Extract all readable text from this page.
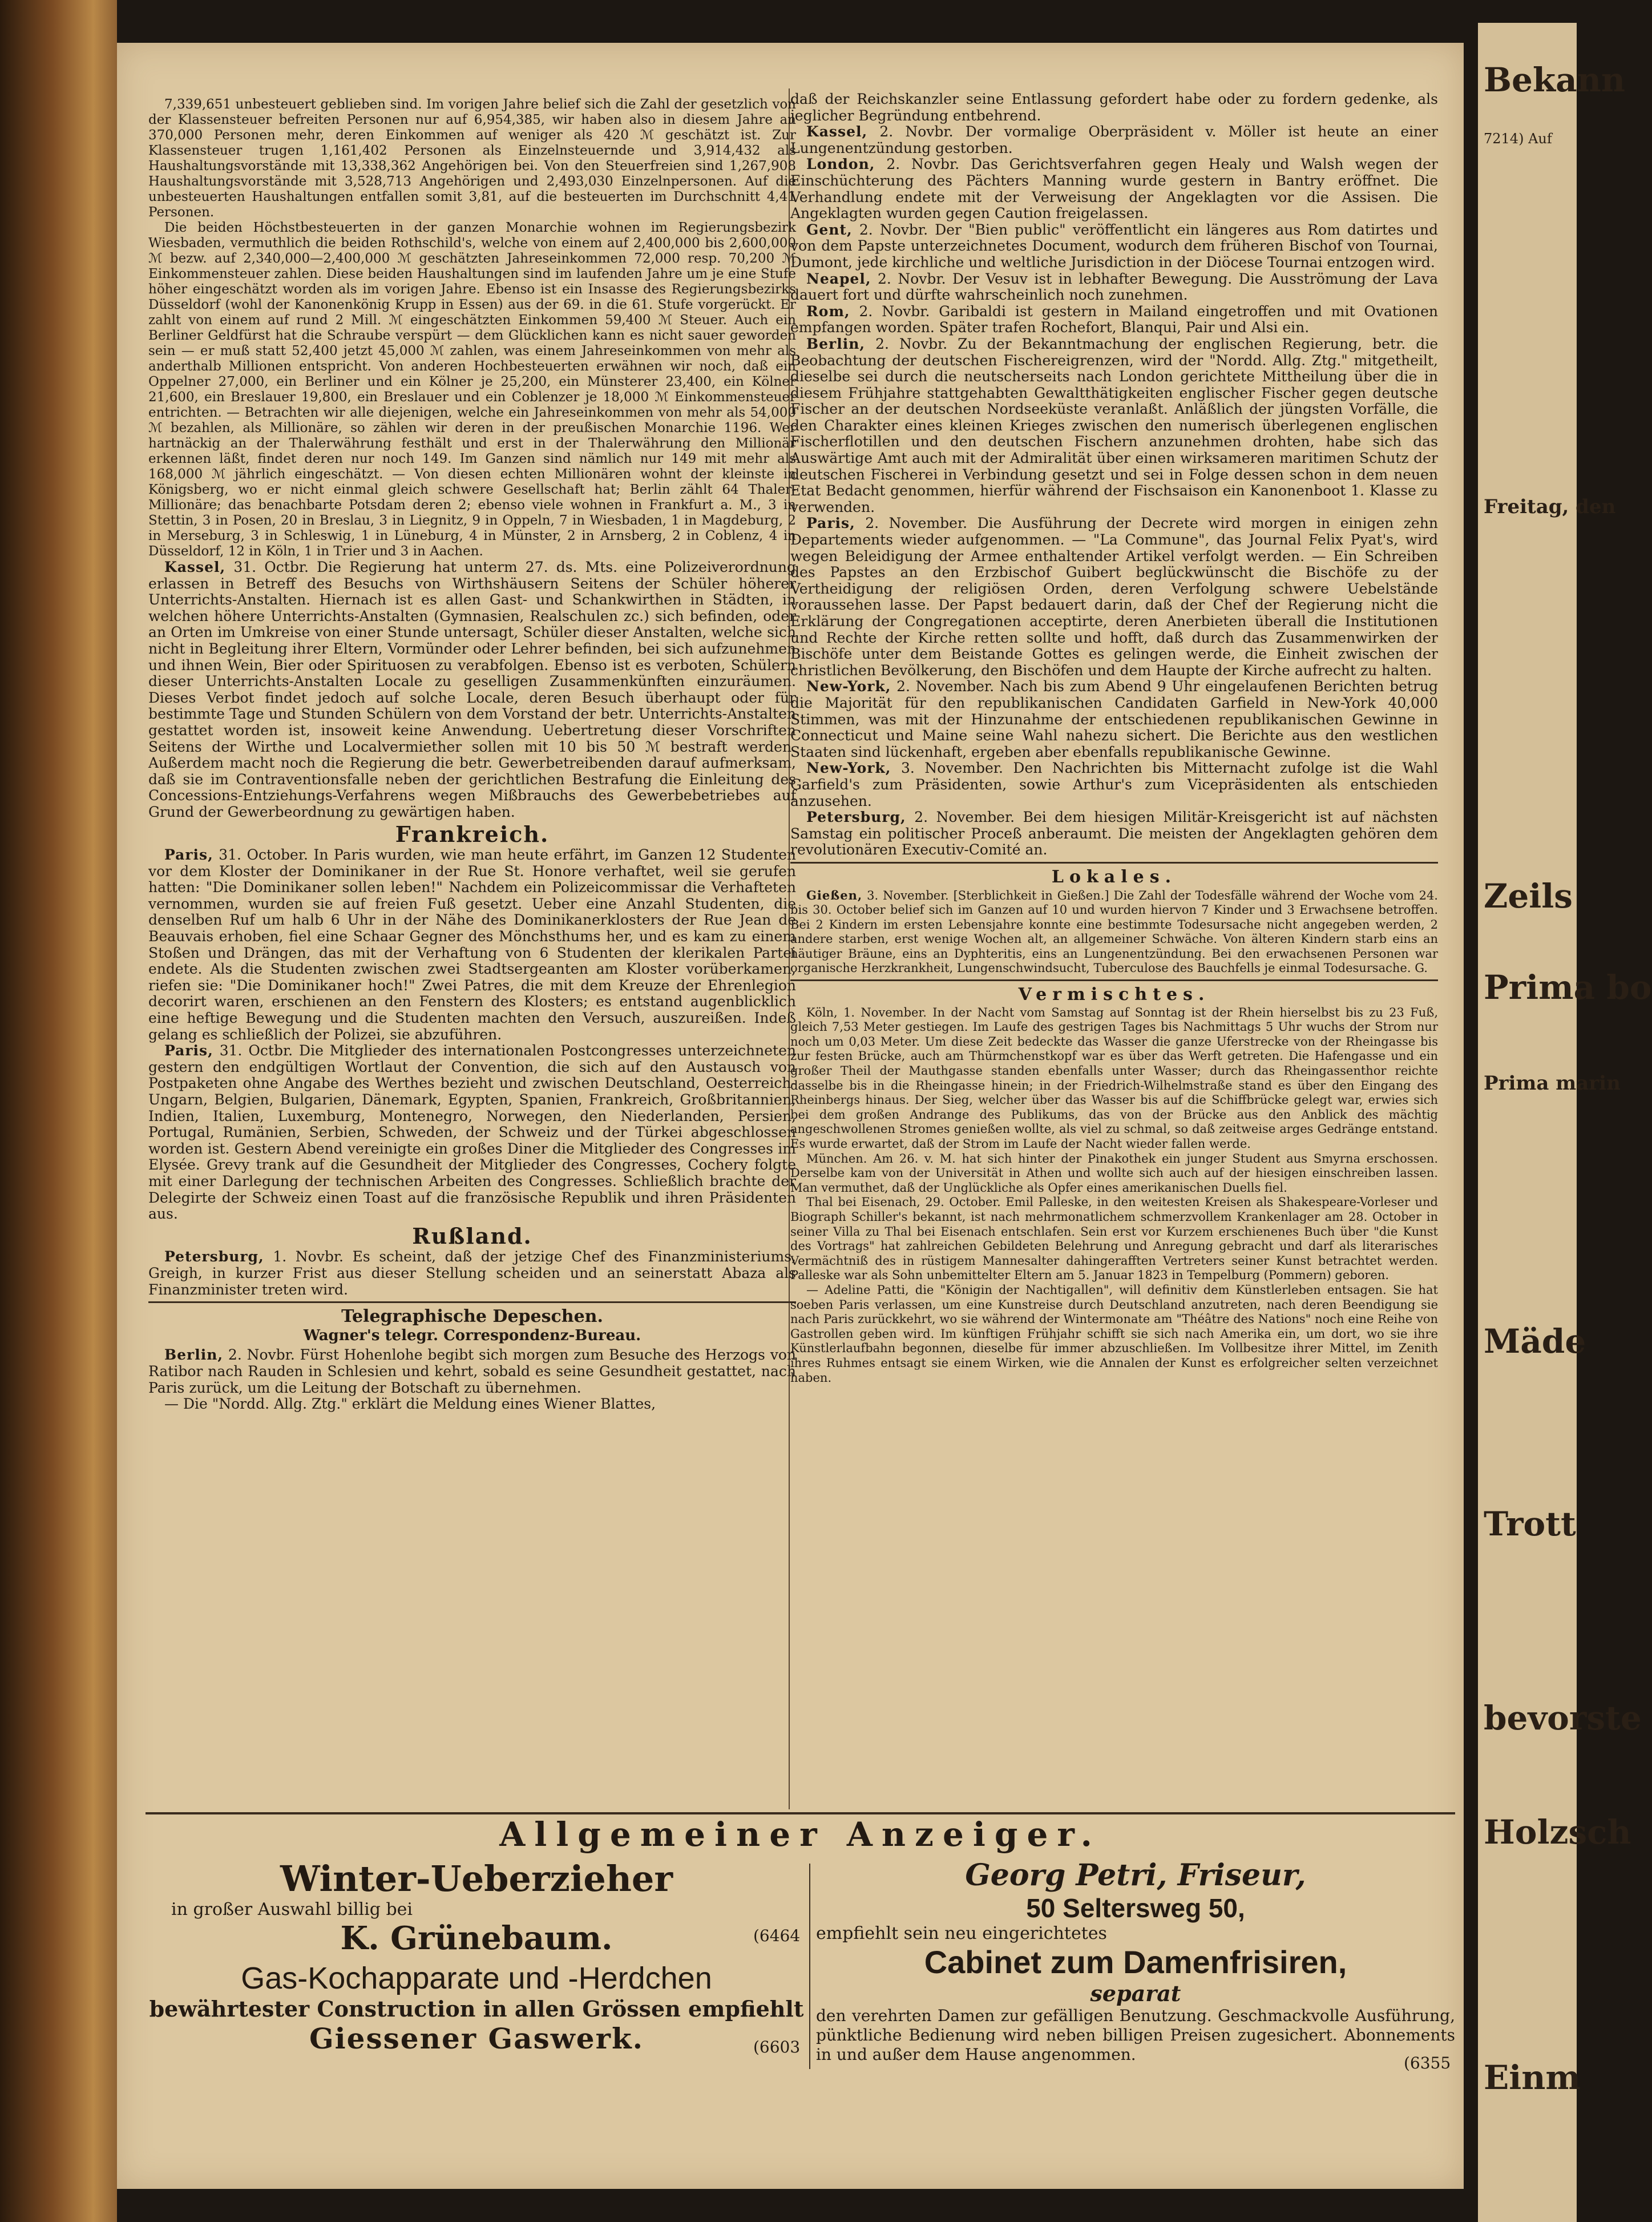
Bekann
7214) Auf
Freitag, den
Zeils
Prima bo
Prima marin
Mäde
Trott
bevorste
Holzsch
Einm

7,339,651 unbesteuert geblieben sind. Im vorigen Jahre belief sich die Zahl der gesetzlich von der Klassensteuer befreiten Personen nur auf 6,954,385, wir haben also in diesem Jahre an 370,000 Personen mehr, deren Einkommen auf weniger als 420 ℳ geschätzt ist. Zur Klassensteuer trugen 1,161,402 Personen als Einzelnsteuernde und 3,914,432 als Haushaltungsvorstände mit 13,338,362 Angehörigen bei. Von den Steuerfreien sind 1,267,908 Haushaltungsvorstände mit 3,528,713 Angehörigen und 2,493,030 Einzelnpersonen. Auf die unbesteuerten Haushaltungen entfallen somit 3,81, auf die besteuerten im Durchschnitt 4,41 Personen.

Die beiden Höchstbesteuerten in der ganzen Monarchie wohnen im Regierungsbezirk Wiesbaden, vermuthlich die beiden Rothschild's, welche von einem auf 2,400,000 bis 2,600,000 ℳ bezw. auf 2,340,000—2,400,000 ℳ geschätzten Jahreseinkommen 72,000 resp. 70,200 ℳ Einkommensteuer zahlen. Diese beiden Haushaltungen sind im laufenden Jahre um je eine Stufe höher eingeschätzt worden als im vorigen Jahre. Ebenso ist ein Insasse des Regierungsbezirks Düsseldorf (wohl der Kanonenkönig Krupp in Essen) aus der 69. in die 61. Stufe vorgerückt. Er zahlt von einem auf rund 2 Mill. ℳ eingeschätzten Einkommen 59,400 ℳ Steuer. Auch ein Berliner Geldfürst hat die Schraube verspürt — dem Glücklichen kann es nicht sauer geworden sein — er muß statt 52,400 jetzt 45,000 ℳ zahlen, was einem Jahreseinkommen von mehr als anderthalb Millionen entspricht. Von anderen Hochbesteuerten erwähnen wir noch, daß ein Oppelner 27,000, ein Berliner und ein Kölner je 25,200, ein Münsterer 23,400, ein Kölner 21,600, ein Breslauer 19,800, ein Breslauer und ein Coblenzer je 18,000 ℳ Einkommensteuer entrichten. — Betrachten wir alle diejenigen, welche ein Jahreseinkommen von mehr als 54,000 ℳ bezahlen, als Millionäre, so zählen wir deren in der preußischen Monarchie 1196. Wer hartnäckig an der Thalerwährung festhält und erst in der Thalerwährung den Millionär erkennen läßt, findet deren nur noch 149. Im Ganzen sind nämlich nur 149 mit mehr als 168,000 ℳ jährlich eingeschätzt. — Von diesen echten Millionären wohnt der kleinste in Königsberg, wo er nicht einmal gleich schwere Gesellschaft hat; Berlin zählt 64 Thaler-Millionäre; das benachbarte Potsdam deren 2; ebenso viele wohnen in Frankfurt a. M., 3 in Stettin, 3 in Posen, 20 in Breslau, 3 in Liegnitz, 9 in Oppeln, 7 in Wiesbaden, 1 in Magdeburg, 2 in Merseburg, 3 in Schleswig, 1 in Lüneburg, 4 in Münster, 2 in Arnsberg, 2 in Coblenz, 4 in Düsseldorf, 12 in Köln, 1 in Trier und 3 in Aachen.

Kassel, 31. Octbr. Die Regierung hat unterm 27. ds. Mts. eine Polizeiverordnung erlassen in Betreff des Besuchs von Wirthshäusern Seitens der Schüler höherer Unterrichts-Anstalten. Hiernach ist es allen Gast- und Schankwirthen in Städten, in welchen höhere Unterrichts-Anstalten (Gymnasien, Realschulen zc.) sich befinden, oder an Orten im Umkreise von einer Stunde untersagt, Schüler dieser Anstalten, welche sich nicht in Begleitung ihrer Eltern, Vormünder oder Lehrer befinden, bei sich aufzunehmen und ihnen Wein, Bier oder Spirituosen zu verabfolgen. Ebenso ist es verboten, Schülern dieser Unterrichts-Anstalten Locale zu geselligen Zusammenkünften einzuräumen. Dieses Verbot findet jedoch auf solche Locale, deren Besuch überhaupt oder für bestimmte Tage und Stunden Schülern von dem Vorstand der betr. Unterrichts-Anstalten gestattet worden ist, insoweit keine Anwendung. Uebertretung dieser Vorschriften Seitens der Wirthe und Localvermiether sollen mit 10 bis 50 ℳ bestraft werden. Außerdem macht noch die Regierung die betr. Gewerbetreibenden darauf aufmerksam, daß sie im Contraventionsfalle neben der gerichtlichen Bestrafung die Einleitung des Concessions-Entziehungs-Verfahrens wegen Mißbrauchs des Gewerbebetriebes auf Grund der Gewerbeordnung zu gewärtigen haben.

Frankreich.

Paris, 31. October. In Paris wurden, wie man heute erfährt, im Ganzen 12 Studenten vor dem Kloster der Dominikaner in der Rue St. Honore verhaftet, weil sie gerufen hatten: "Die Dominikaner sollen leben!" Nachdem ein Polizeicommissar die Verhafteten vernommen, wurden sie auf freien Fuß gesetzt. Ueber eine Anzahl Studenten, die denselben Ruf um halb 6 Uhr in der Nähe des Dominikanerklosters der Rue Jean de Beauvais erhoben, fiel eine Schaar Gegner des Mönchsthums her, und es kam zu einem Stoßen und Drängen, das mit der Verhaftung von 6 Studenten der klerikalen Partei endete. Als die Studenten zwischen zwei Stadtsergeanten am Kloster vorüberkamen, riefen sie: "Die Dominikaner hoch!" Zwei Patres, die mit dem Kreuze der Ehrenlegion decorirt waren, erschienen an den Fenstern des Klosters; es entstand augenblicklich eine heftige Bewegung und die Studenten machten den Versuch, auszureißen. Indeß gelang es schließlich der Polizei, sie abzuführen.

Paris, 31. Octbr. Die Mitglieder des internationalen Postcongresses unterzeichneten gestern den endgültigen Wortlaut der Convention, die sich auf den Austausch von Postpaketen ohne Angabe des Werthes bezieht und zwischen Deutschland, Oesterreich-Ungarn, Belgien, Bulgarien, Dänemark, Egypten, Spanien, Frankreich, Großbritannien, Indien, Italien, Luxemburg, Montenegro, Norwegen, den Niederlanden, Persien, Portugal, Rumänien, Serbien, Schweden, der Schweiz und der Türkei abgeschlossen worden ist. Gestern Abend vereinigte ein großes Diner die Mitglieder des Congresses im Elysée. Grevy trank auf die Gesundheit der Mitglieder des Congresses, Cochery folgte mit einer Darlegung der technischen Arbeiten des Congresses. Schließlich brachte der Delegirte der Schweiz einen Toast auf die französische Republik und ihren Präsidenten aus.

Rußland.

Petersburg, 1. Novbr. Es scheint, daß der jetzige Chef des Finanzministeriums, Greigh, in kurzer Frist aus dieser Stellung scheiden und an seinerstatt Abaza als Finanzminister treten wird.

Telegraphische Depeschen.
Wagner's telegr. Correspondenz-Bureau.

Berlin, 2. Novbr. Fürst Hohenlohe begibt sich morgen zum Besuche des Herzogs von Ratibor nach Rauden in Schlesien und kehrt, sobald es seine Gesundheit gestattet, nach Paris zurück, um die Leitung der Botschaft zu übernehmen.

— Die "Nordd. Allg. Ztg." erklärt die Meldung eines Wiener Blattes,

daß der Reichskanzler seine Entlassung gefordert habe oder zu fordern gedenke, als jeglicher Begründung entbehrend.

Kassel, 2. Novbr. Der vormalige Oberpräsident v. Möller ist heute an einer Lungenentzündung gestorben.

London, 2. Novbr. Das Gerichtsverfahren gegen Healy und Walsh wegen der Einschüchterung des Pächters Manning wurde gestern in Bantry eröffnet. Die Verhandlung endete mit der Verweisung der Angeklagten vor die Assisen. Die Angeklagten wurden gegen Caution freigelassen.

Gent, 2. Novbr. Der "Bien public" veröffentlicht ein längeres aus Rom datirtes und von dem Papste unterzeichnetes Document, wodurch dem früheren Bischof von Tournai, Dumont, jede kirchliche und weltliche Jurisdiction in der Diöcese Tournai entzogen wird.

Neapel, 2. Novbr. Der Vesuv ist in lebhafter Bewegung. Die Ausströmung der Lava dauert fort und dürfte wahrscheinlich noch zunehmen.

Rom, 2. Novbr. Garibaldi ist gestern in Mailand eingetroffen und mit Ovationen empfangen worden. Später trafen Rochefort, Blanqui, Pair und Alsi ein.

Berlin, 2. Novbr. Zu der Bekanntmachung der englischen Regierung, betr. die Beobachtung der deutschen Fischereigrenzen, wird der "Nordd. Allg. Ztg." mitgetheilt, dieselbe sei durch die neutscherseits nach London gerichtete Mittheilung über die in diesem Frühjahre stattgehabten Gewaltthätigkeiten englischer Fischer gegen deutsche Fischer an der deutschen Nordseeküste veranlaßt. Anläßlich der jüngsten Vorfälle, die den Charakter eines kleinen Krieges zwischen den numerisch überlegenen englischen Fischerflotillen und den deutschen Fischern anzunehmen drohten, habe sich das Auswärtige Amt auch mit der Admiralität über einen wirksameren maritimen Schutz der deutschen Fischerei in Verbindung gesetzt und sei in Folge dessen schon in dem neuen Etat Bedacht genommen, hierfür während der Fischsaison ein Kanonenboot 1. Klasse zu verwenden.

Paris, 2. November. Die Ausführung der Decrete wird morgen in einigen zehn Departements wieder aufgenommen. — "La Commune", das Journal Felix Pyat's, wird wegen Beleidigung der Armee enthaltender Artikel verfolgt werden. — Ein Schreiben des Papstes an den Erzbischof Guibert beglückwünscht die Bischöfe zu der Vertheidigung der religiösen Orden, deren Verfolgung schwere Uebelstände voraussehen lasse. Der Papst bedauert darin, daß der Chef der Regierung nicht die Erklärung der Congregationen acceptirte, deren Anerbieten überall die Institutionen und Rechte der Kirche retten sollte und hofft, daß durch das Zusammenwirken der Bischöfe unter dem Beistande Gottes es gelingen werde, die Einheit zwischen der christlichen Bevölkerung, den Bischöfen und dem Haupte der Kirche aufrecht zu halten.

New-York, 2. November. Nach bis zum Abend 9 Uhr eingelaufenen Berichten betrug die Majorität für den republikanischen Candidaten Garfield in New-York 40,000 Stimmen, was mit der Hinzunahme der entschiedenen republikanischen Gewinne in Connecticut und Maine seine Wahl nahezu sichert. Die Berichte aus den westlichen Staaten sind lückenhaft, ergeben aber ebenfalls republikanische Gewinne.

New-York, 3. November. Den Nachrichten bis Mitternacht zufolge ist die Wahl Garfield's zum Präsidenten, sowie Arthur's zum Vicepräsidenten als entschieden anzusehen.

Petersburg, 2. November. Bei dem hiesigen Militär-Kreisgericht ist auf nächsten Samstag ein politischer Proceß anberaumt. Die meisten der Angeklagten gehören dem revolutionären Executiv-Comité an.

Lokales.

Gießen, 3. November. [Sterblichkeit in Gießen.] Die Zahl der Todesfälle während der Woche vom 24. bis 30. October belief sich im Ganzen auf 10 und wurden hiervon 7 Kinder und 3 Erwachsene betroffen. Bei 2 Kindern im ersten Lebensjahre konnte eine bestimmte Todesursache nicht angegeben werden, 2 andere starben, erst wenige Wochen alt, an allgemeiner Schwäche. Von älteren Kindern starb eins an häutiger Bräune, eins an Dyphteritis, eins an Lungenentzündung. Bei den erwachsenen Personen war organische Herzkrankheit, Lungenschwindsucht, Tuberculose des Bauchfells je einmal Todesursache. G.

Vermischtes.

Köln, 1. November. In der Nacht vom Samstag auf Sonntag ist der Rhein hierselbst bis zu 23 Fuß, gleich 7,53 Meter gestiegen. Im Laufe des gestrigen Tages bis Nachmittags 5 Uhr wuchs der Strom nur noch um 0,03 Meter. Um diese Zeit bedeckte das Wasser die ganze Uferstrecke von der Rheingasse bis zur festen Brücke, auch am Thürmchenstkopf war es über das Werft getreten. Die Hafengasse und ein großer Theil der Mauthgasse standen ebenfalls unter Wasser; durch das Rheingassenthor reichte dasselbe bis in die Rheingasse hinein; in der Friedrich-Wilhelmstraße stand es über den Eingang des Rheinbergs hinaus. Der Sieg, welcher über das Wasser bis auf die Schiffbrücke gelegt war, erwies sich bei dem großen Andrange des Publikums, das von der Brücke aus den Anblick des mächtig angeschwollenen Stromes genießen wollte, als viel zu schmal, so daß zeitweise arges Gedränge entstand. Es wurde erwartet, daß der Strom im Laufe der Nacht wieder fallen werde.

München. Am 26. v. M. hat sich hinter der Pinakothek ein junger Student aus Smyrna erschossen. Derselbe kam von der Universität in Athen und wollte sich auch auf der hiesigen einschreiben lassen. Man vermuthet, daß der Unglückliche als Opfer eines amerikanischen Duells fiel.

Thal bei Eisenach, 29. October. Emil Palleske, in den weitesten Kreisen als Shakespeare-Vorleser und Biograph Schiller's bekannt, ist nach mehrmonatlichem schmerzvollem Krankenlager am 28. October in seiner Villa zu Thal bei Eisenach entschlafen. Sein erst vor Kurzem erschienenes Buch über "die Kunst des Vortrags" hat zahlreichen Gebildeten Belehrung und Anregung gebracht und darf als literarisches Vermächtniß des in rüstigem Mannesalter dahingerafften Vertreters seiner Kunst betrachtet werden. Palleske war als Sohn unbemittelter Eltern am 5. Januar 1823 in Tempelburg (Pommern) geboren.

— Adeline Patti, die "Königin der Nachtigallen", will definitiv dem Künstlerleben entsagen. Sie hat soeben Paris verlassen, um eine Kunstreise durch Deutschland anzutreten, nach deren Beendigung sie nach Paris zurückkehrt, wo sie während der Wintermonate am "Théâtre des Nations" noch eine Reihe von Gastrollen geben wird. Im künftigen Frühjahr schifft sie sich nach Amerika ein, um dort, wo sie ihre Künstlerlaufbahn begonnen, dieselbe für immer abzuschließen. Im Vollbesitze ihrer Mittel, im Zenith ihres Ruhmes entsagt sie einem Wirken, wie die Annalen der Kunst es erfolgreicher selten verzeichnet haben.

Allgemeiner Anzeiger.
Winter-Ueberzieher
in großer Auswahl billig bei
K. Grünebaum.
Gas-Kochapparate und -Herdchen
bewährtester Construction in allen Grössen empfiehlt
Giessener Gaswerk.
(6464
(6603
Georg Petri, Friseur,
50 Seltersweg 50,
empfiehlt sein neu eingerichtetes
Cabinet zum Damenfrisiren,
separat
den verehrten Damen zur gefälligen Benutzung. Geschmackvolle Ausführung, pünktliche Bedienung wird neben billigen Preisen zugesichert. Abonnements in und außer dem Hause angenommen.	(6355
